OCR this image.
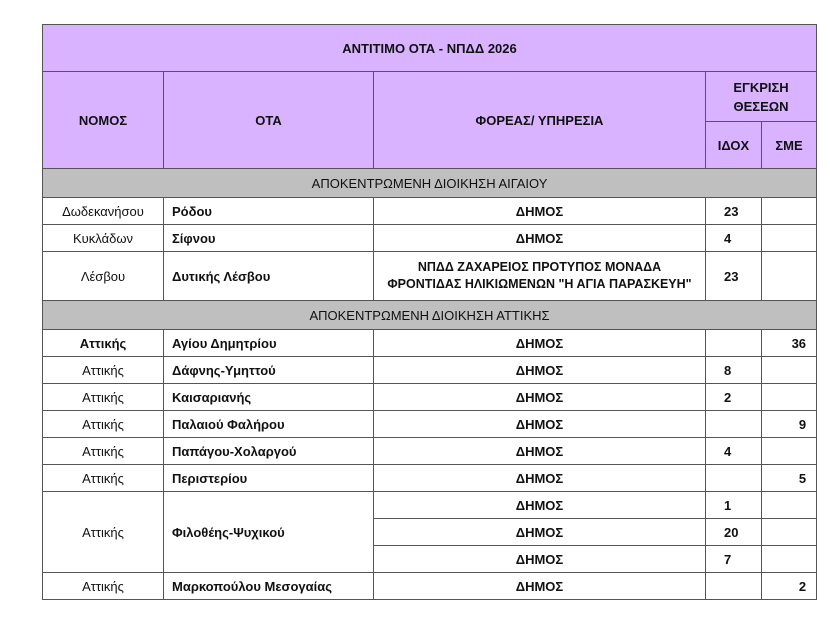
ΑΝΤΙΤΙΜΟ ΟΤΑ - ΝΠΔΔ 2026				
ΝΟΜΟΣ	ΟΤΑ	ΦΟΡΕΑΣ/ ΥΠΗΡΕΣΙΑ	ΕΓΚΡΙΣΗ ΘΕΣΕΩΝ	
			ΙΔΟΧ	ΣΜΕ
ΑΠΟΚΕΝΤΡΩΜΕΝΗ ΔΙΟΙΚΗΣΗ ΑΙΓΑΙΟΥ				
Δωδεκανήσου	Ρόδου	ΔΗΜΟΣ	23	
Κυκλάδων	Σίφνου	ΔΗΜΟΣ	4	
Λέσβου	Δυτικής Λέσβου	ΝΠΔΔ ΖΑΧΑΡΕΙΟΣ ΠΡΟΤΥΠΟΣ ΜΟΝΑΔΑ ΦΡΟΝΤΙΔΑΣ ΗΛΙΚΙΩΜΕΝΩΝ "Η ΑΓΙΑ ΠΑΡΑΣΚΕΥΗ"	23	
ΑΠΟΚΕΝΤΡΩΜΕΝΗ ΔΙΟΙΚΗΣΗ ΑΤΤΙΚΗΣ				
Αττικής	Αγίου Δημητρίου	ΔΗΜΟΣ		36
Αττικής	Δάφνης-Υμηττού	ΔΗΜΟΣ	8	
Αττικής	Καισαριανής	ΔΗΜΟΣ	2	
Αττικής	Παλαιού Φαλήρου	ΔΗΜΟΣ		9
Αττικής	Παπάγου-Χολαργού	ΔΗΜΟΣ	4	
Αττικής	Περιστερίου	ΔΗΜΟΣ		5
Αττικής	Φιλοθέης-Ψυχικού	ΔΗΜΟΣ	1	
		ΔΗΜΟΣ	20	
		ΔΗΜΟΣ	7	
Αττικής	Μαρκοπούλου Μεσογαίας	ΔΗΜΟΣ		2
